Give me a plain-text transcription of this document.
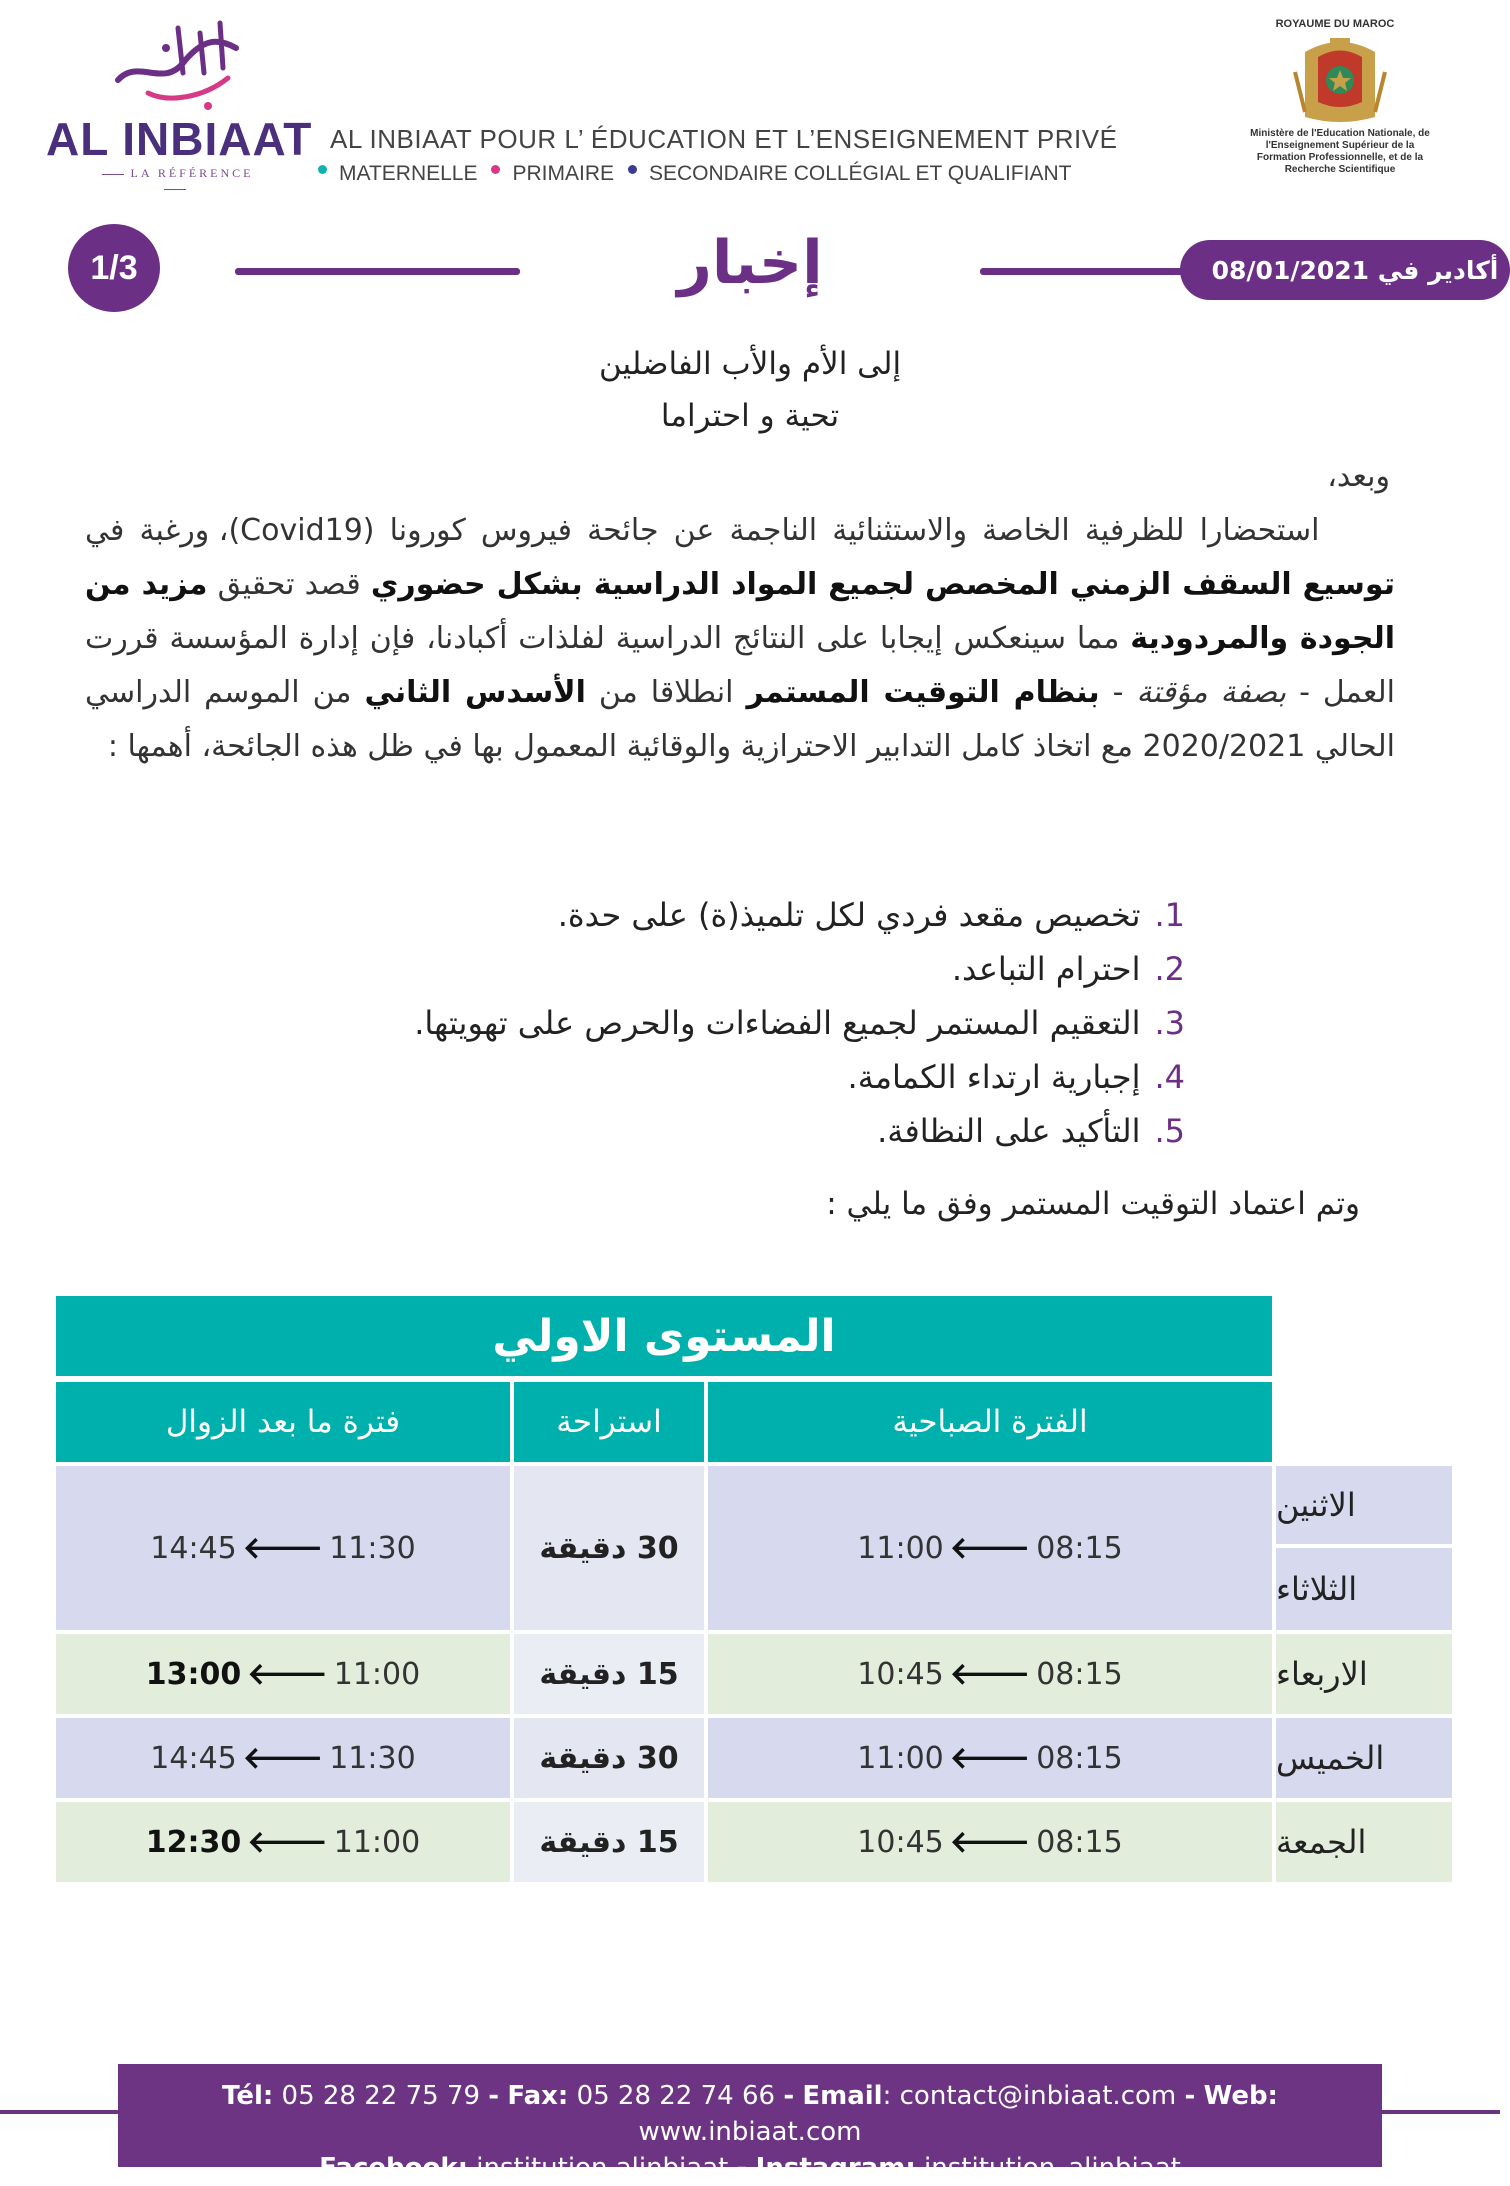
AL INBIAAT
LA RÉFÉRENCE
AL INBIAAT POUR L’ ÉDUCATION ET L’ENSEIGNEMENT PRIVÉ
MATERNELLE	PRIMAIRE	SECONDAIRE COLLÉGIAL ET QUALIFIANT
ROYAUME DU MAROC
Ministère de l'Education Nationale, de l'Enseignement Supérieur de la Formation Professionnelle, et de la Recherche Scientifique
1/3	إخبار	أكادير في 08/01/2021
إلى الأم والأب الفاضلين
تحية و احتراما
وبعد،
استحضارا للظرفية الخاصة والاستثنائية الناجمة عن جائحة فيروس كورونا (Covid19)، ورغبة في توسيع السقف الزمني المخصص لجميع المواد الدراسية بشكل حضوري قصد تحقيق مزيد من الجودة والمردودية مما سينعكس إيجابا على النتائج الدراسية لفلذات أكبادنا، فإن إدارة المؤسسة قررت العمل - بصفة مؤقتة - بنظام التوقيت المستمر انطلاقا من الأسدس الثاني من الموسم الدراسي الحالي 2020/2021 مع اتخاذ كامل التدابير الاحترازية والوقائية المعمول بها في ظل هذه الجائحة، أهمها :
1.
تخصيص مقعد فردي لكل تلميذ(ة) على حدة.
2.
احترام التباعد.
3.
التعقيم المستمر لجميع الفضاءات والحرص على تهويتها.
4.
إجبارية ارتداء الكمامة.
5.
التأكيد على النظافة.
وتم اعتماد التوقيت المستمر وفق ما يلي :
المستوى الاولي
فترة ما بعد الزوال	استراحة	الفترة الصباحية
14:45 🡐 11:30	30 دقيقة	11:00 🡐 08:15
الاثنين
الثلاثاء
13:00 🡐 11:00	15 دقيقة	10:45 🡐 08:15	الاربعاء
14:45 🡐 11:30	30 دقيقة	11:00 🡐 08:15	الخميس
12:30 🡐 11:00	15 دقيقة	10:45 🡐 08:15	الجمعة
Tél: 05 28 22 75 79 - Fax: 05 28 22 74 66 - Email: contact@inbiaat.com - Web: www.inbiaat.com
Facebook: institution.alinbiaat - Instagram: institution_alinbiaat
